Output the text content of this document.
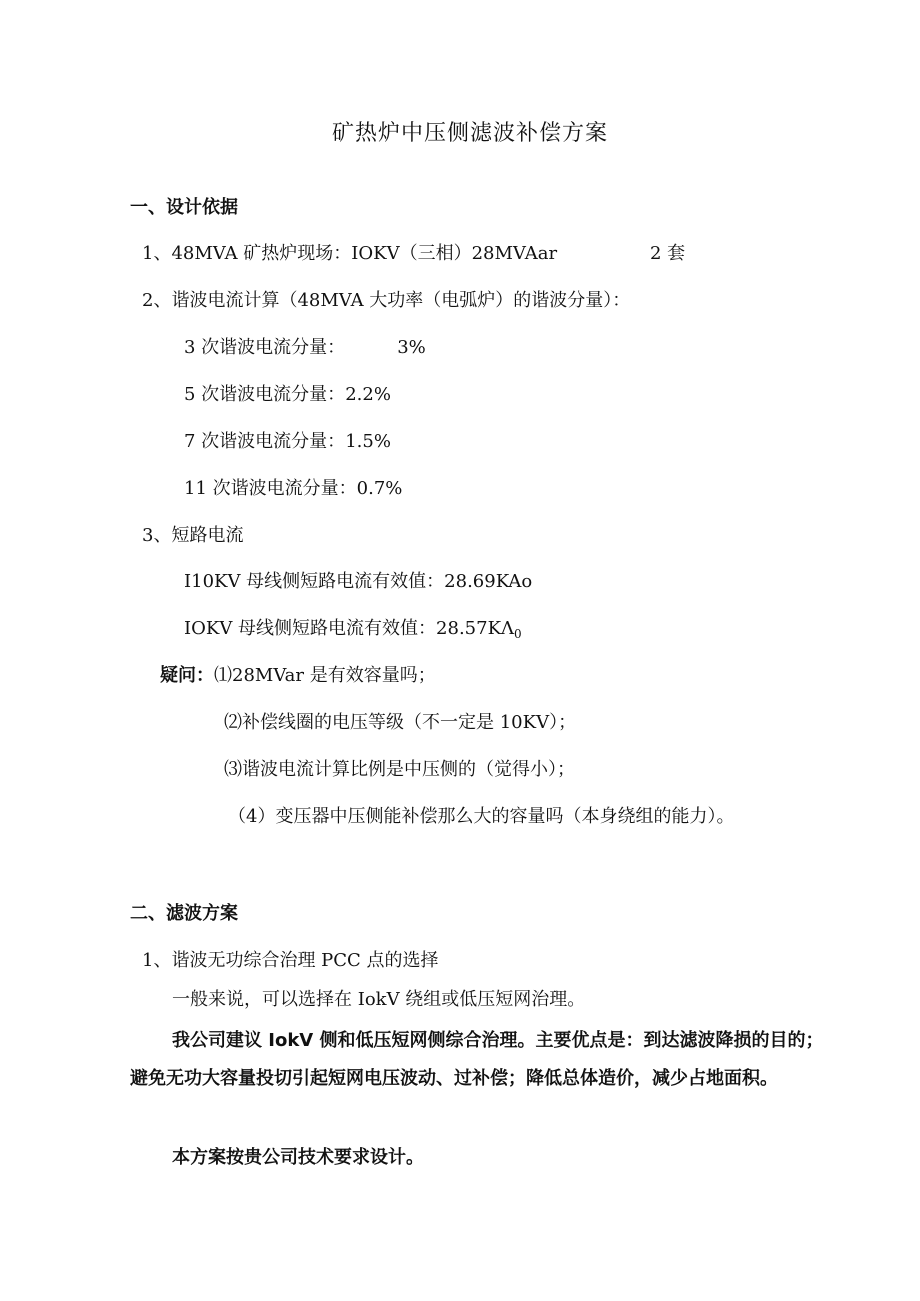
矿热炉中压侧滤波补偿方案
一、设计依据
1、48MVA 矿热炉现场：IOKV（三相）28MVAar	2 套
2、谐波电流计算（48MVA 大功率（电弧炉）的谐波分量）：
3 次谐波电流分量：	3%
5 次谐波电流分量：2.2%
7 次谐波电流分量：1.5%
11 次谐波电流分量：0.7%
3、短路电流
I10KV 母线侧短路电流有效值：28.69KAo
IOKV 母线侧短路电流有效值：$28.57K\Lambda_0$
疑问：⑴28MVar 是有效容量吗；
⑵补偿线圈的电压等级（不一定是 10KV）；
⑶谐波电流计算比例是中压侧的（觉得小）；
（4）变压器中压侧能补偿那么大的容量吗（本身绕组的能力）。
二、滤波方案
1、谐波无功综合治理 PCC 点的选择
一般来说，可以选择在 IokV 绕组或低压短网治理。
我公司建议 IokV 侧和低压短网侧综合治理。主要优点是：到达滤波降损的目的；避免无功大容量投切引起短网电压波动、过补偿；降低总体造价，减少占地面积。
本方案按贵公司技术要求设计。
